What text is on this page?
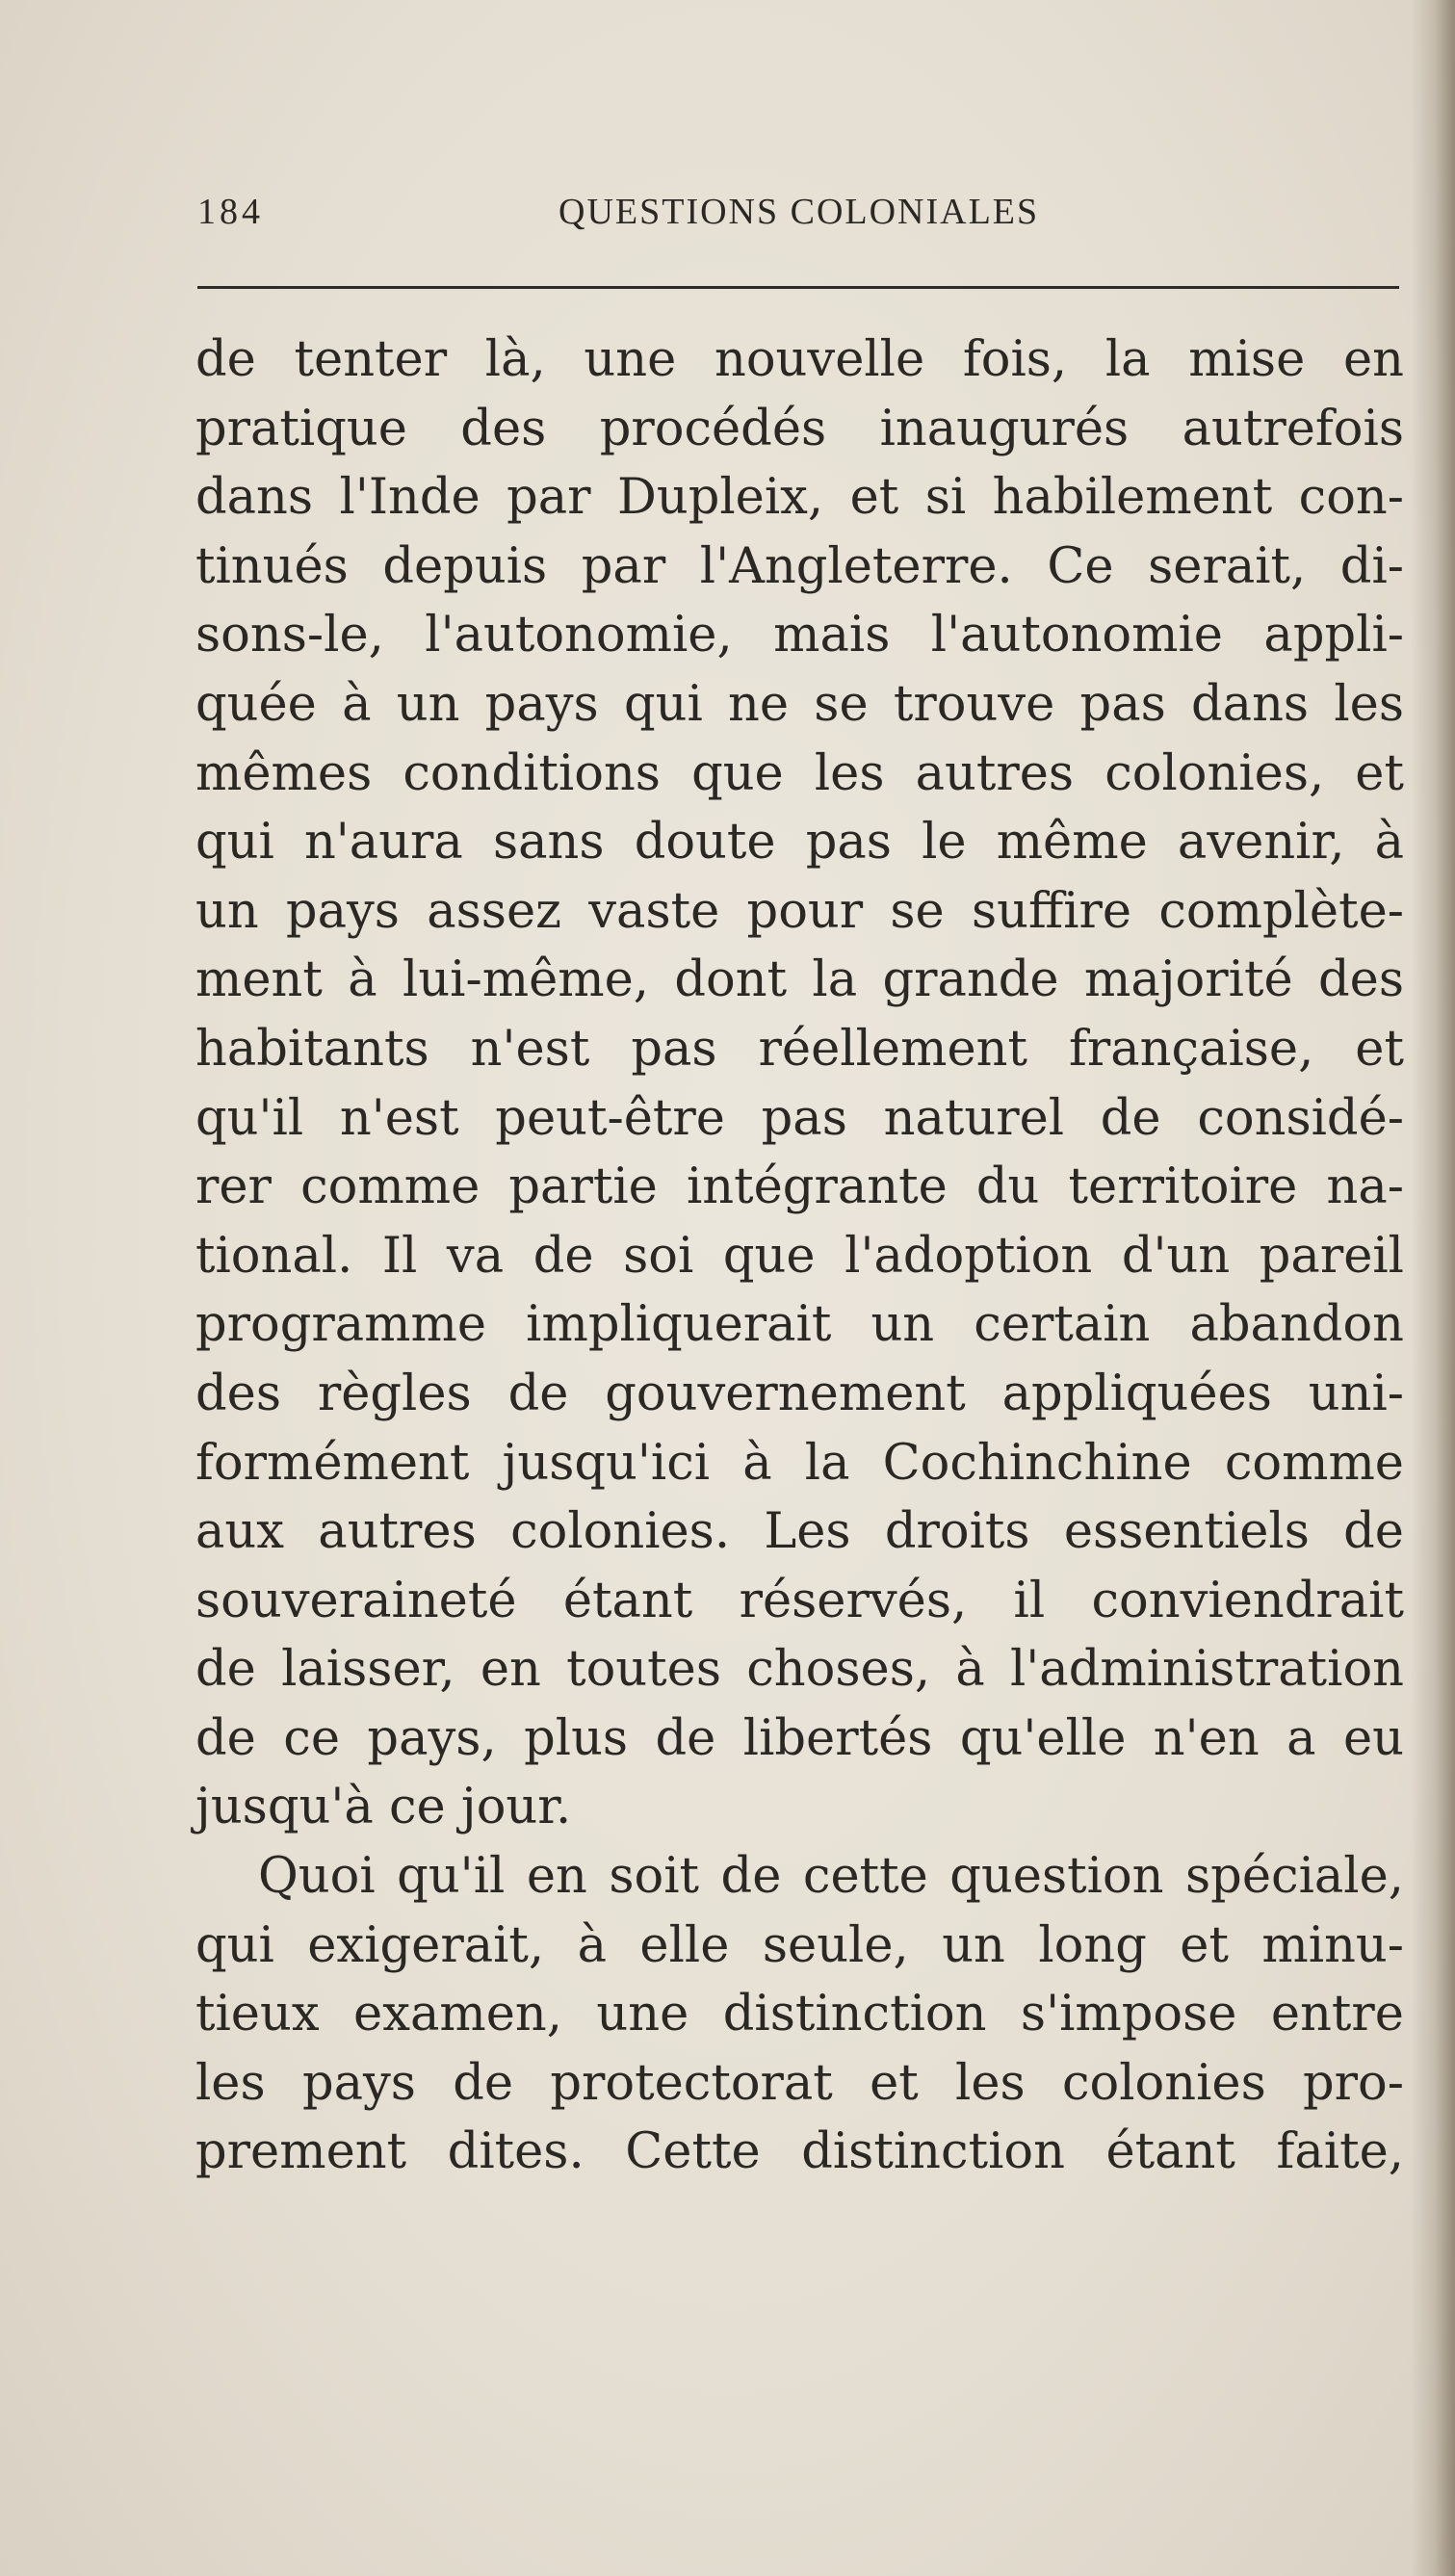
184	QUESTIONS COLONIALES
de tenter là, une nouvelle fois, la mise en
pratique des procédés inaugurés autrefois
dans l'Inde par Dupleix, et si habilement con-
tinués depuis par l'Angleterre. Ce serait, di-
sons-le, l'autonomie, mais l'autonomie appli-
quée à un pays qui ne se trouve pas dans les
mêmes conditions que les autres colonies, et
qui n'aura sans doute pas le même avenir, à
un pays assez vaste pour se suffire complète-
ment à lui-même, dont la grande majorité des
habitants n'est pas réellement française, et
qu'il n'est peut-être pas naturel de considé-
rer comme partie intégrante du territoire na-
tional. Il va de soi que l'adoption d'un pareil
programme impliquerait un certain abandon
des règles de gouvernement appliquées uni-
formément jusqu'ici à la Cochinchine comme
aux autres colonies. Les droits essentiels de
souveraineté étant réservés, il conviendrait
de laisser, en toutes choses, à l'administration
de ce pays, plus de libertés qu'elle n'en a eu
jusqu'à ce jour.
Quoi qu'il en soit de cette question spéciale,
qui exigerait, à elle seule, un long et minu-
tieux examen, une distinction s'impose entre
les pays de protectorat et les colonies pro-
prement dites. Cette distinction étant faite,
